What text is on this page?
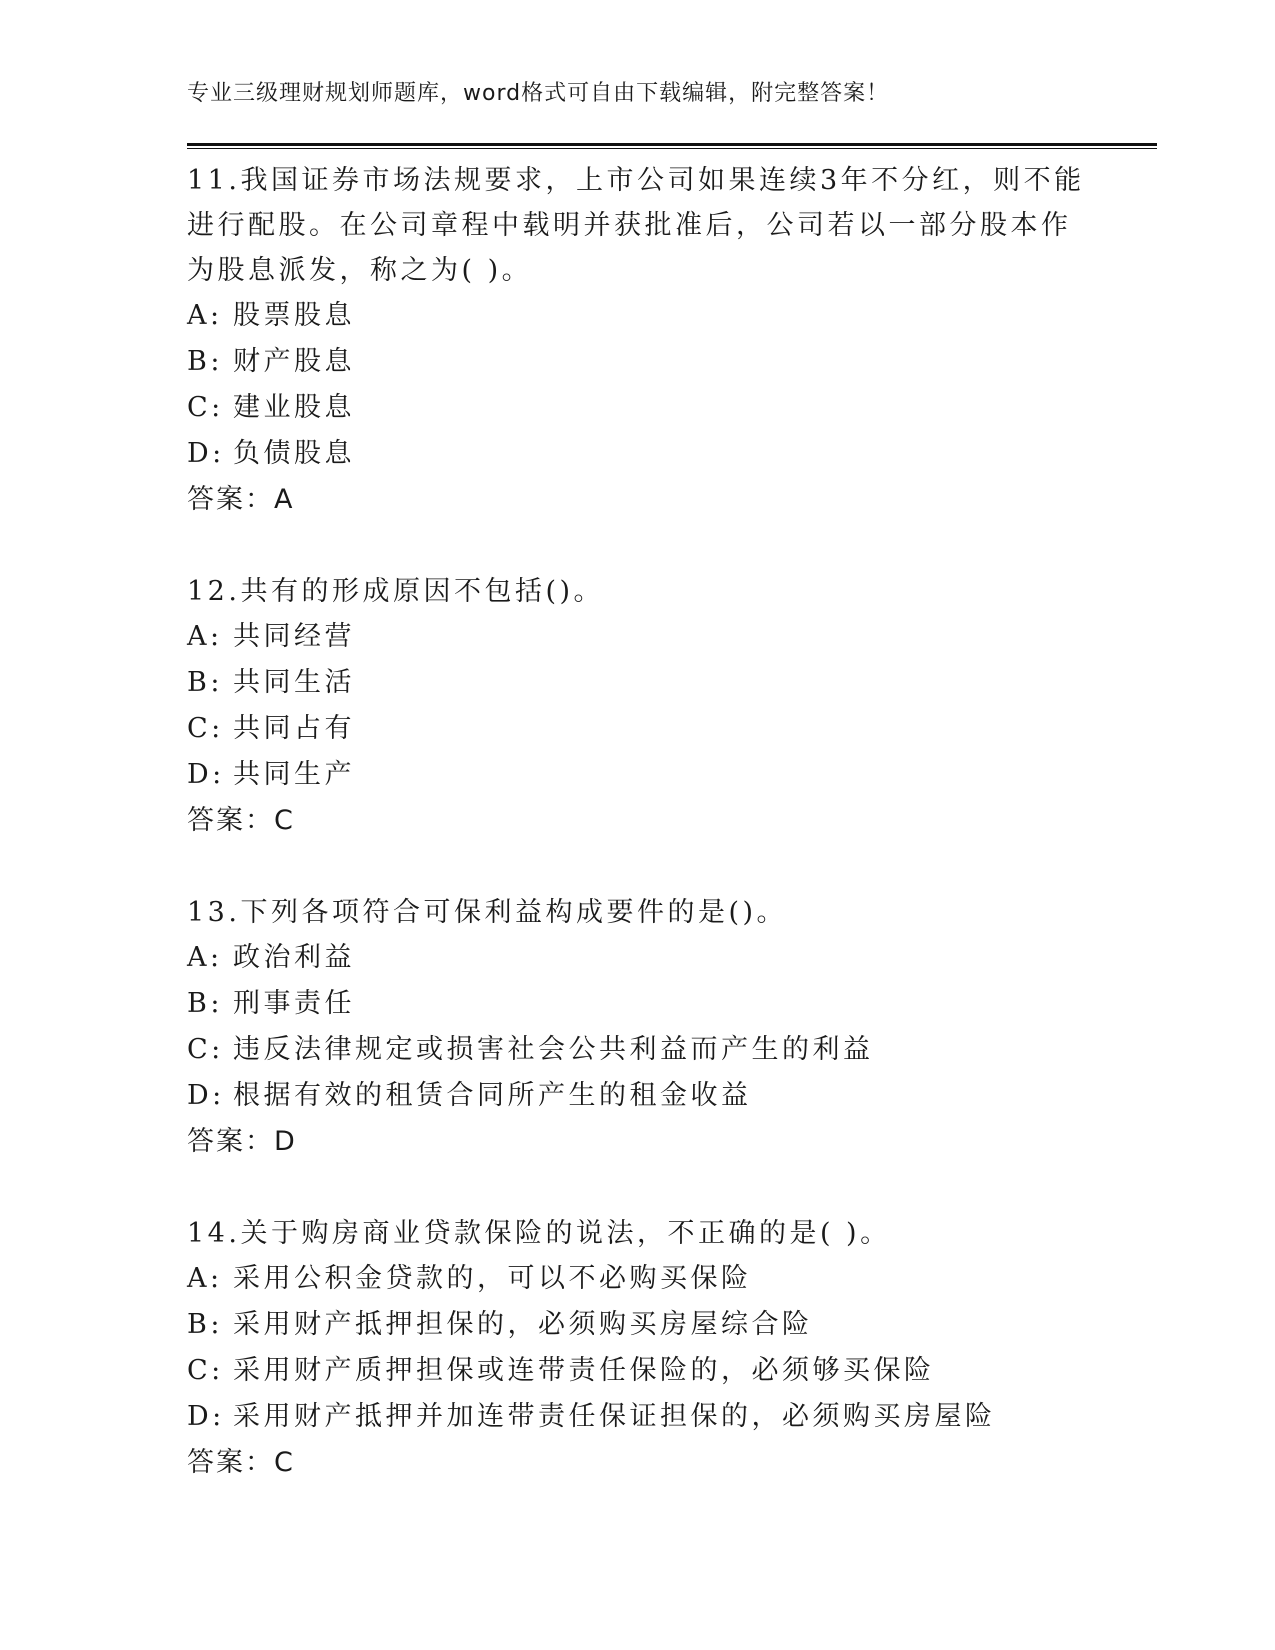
专业三级理财规划师题库，word格式可自由下载编辑，附完整答案！
11.我国证券市场法规要求，上市公司如果连续3年不分红，则不能进行配股。在公司章程中载明并获批准后，公司若以一部分股本作为股息派发，称之为( )。
A: 股票股息
B: 财产股息
C: 建业股息
D: 负债股息
答案：A
12.共有的形成原因不包括()。
A: 共同经营
B: 共同生活
C: 共同占有
D: 共同生产
答案：C
13.下列各项符合可保利益构成要件的是()。
A: 政治利益
B: 刑事责任
C: 违反法律规定或损害社会公共利益而产生的利益
D: 根据有效的租赁合同所产生的租金收益
答案：D
14.关于购房商业贷款保险的说法，不正确的是( )。
A: 采用公积金贷款的，可以不必购买保险
B: 采用财产抵押担保的，必须购买房屋综合险
C: 采用财产质押担保或连带责任保险的，必须够买保险
D: 采用财产抵押并加连带责任保证担保的，必须购买房屋险
答案：C
